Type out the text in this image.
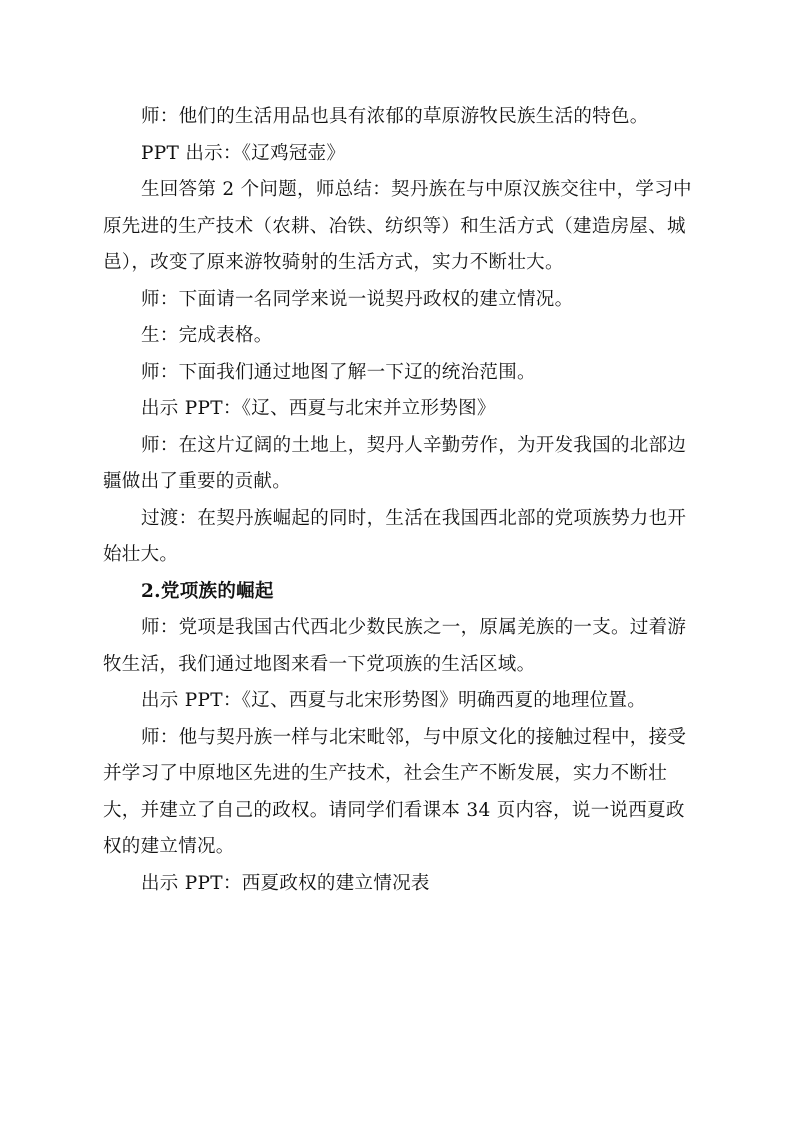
师：他们的生活用品也具有浓郁的草原游牧民族生活的特色。

PPT 出示：《辽鸡冠壶》

生回答第 2 个问题，师总结：契丹族在与中原汉族交往中，学习中原先进的生产技术（农耕、冶铁、纺织等）和生活方式（建造房屋、城邑），改变了原来游牧骑射的生活方式，实力不断壮大。

师：下面请一名同学来说一说契丹政权的建立情况。

生：完成表格。

师：下面我们通过地图了解一下辽的统治范围。

出示 PPT：《辽、西夏与北宋并立形势图》

师：在这片辽阔的土地上，契丹人辛勤劳作，为开发我国的北部边疆做出了重要的贡献。

过渡：在契丹族崛起的同时，生活在我国西北部的党项族势力也开始壮大。

2.党项族的崛起

师：党项是我国古代西北少数民族之一，原属羌族的一支。过着游牧生活，我们通过地图来看一下党项族的生活区域。

出示 PPT：《辽、西夏与北宋形势图》明确西夏的地理位置。

师：他与契丹族一样与北宋毗邻，与中原文化的接触过程中，接受并学习了中原地区先进的生产技术，社会生产不断发展，实力不断壮大，并建立了自己的政权。请同学们看课本 34 页内容，说一说西夏政权的建立情况。

出示 PPT：西夏政权的建立情况表
